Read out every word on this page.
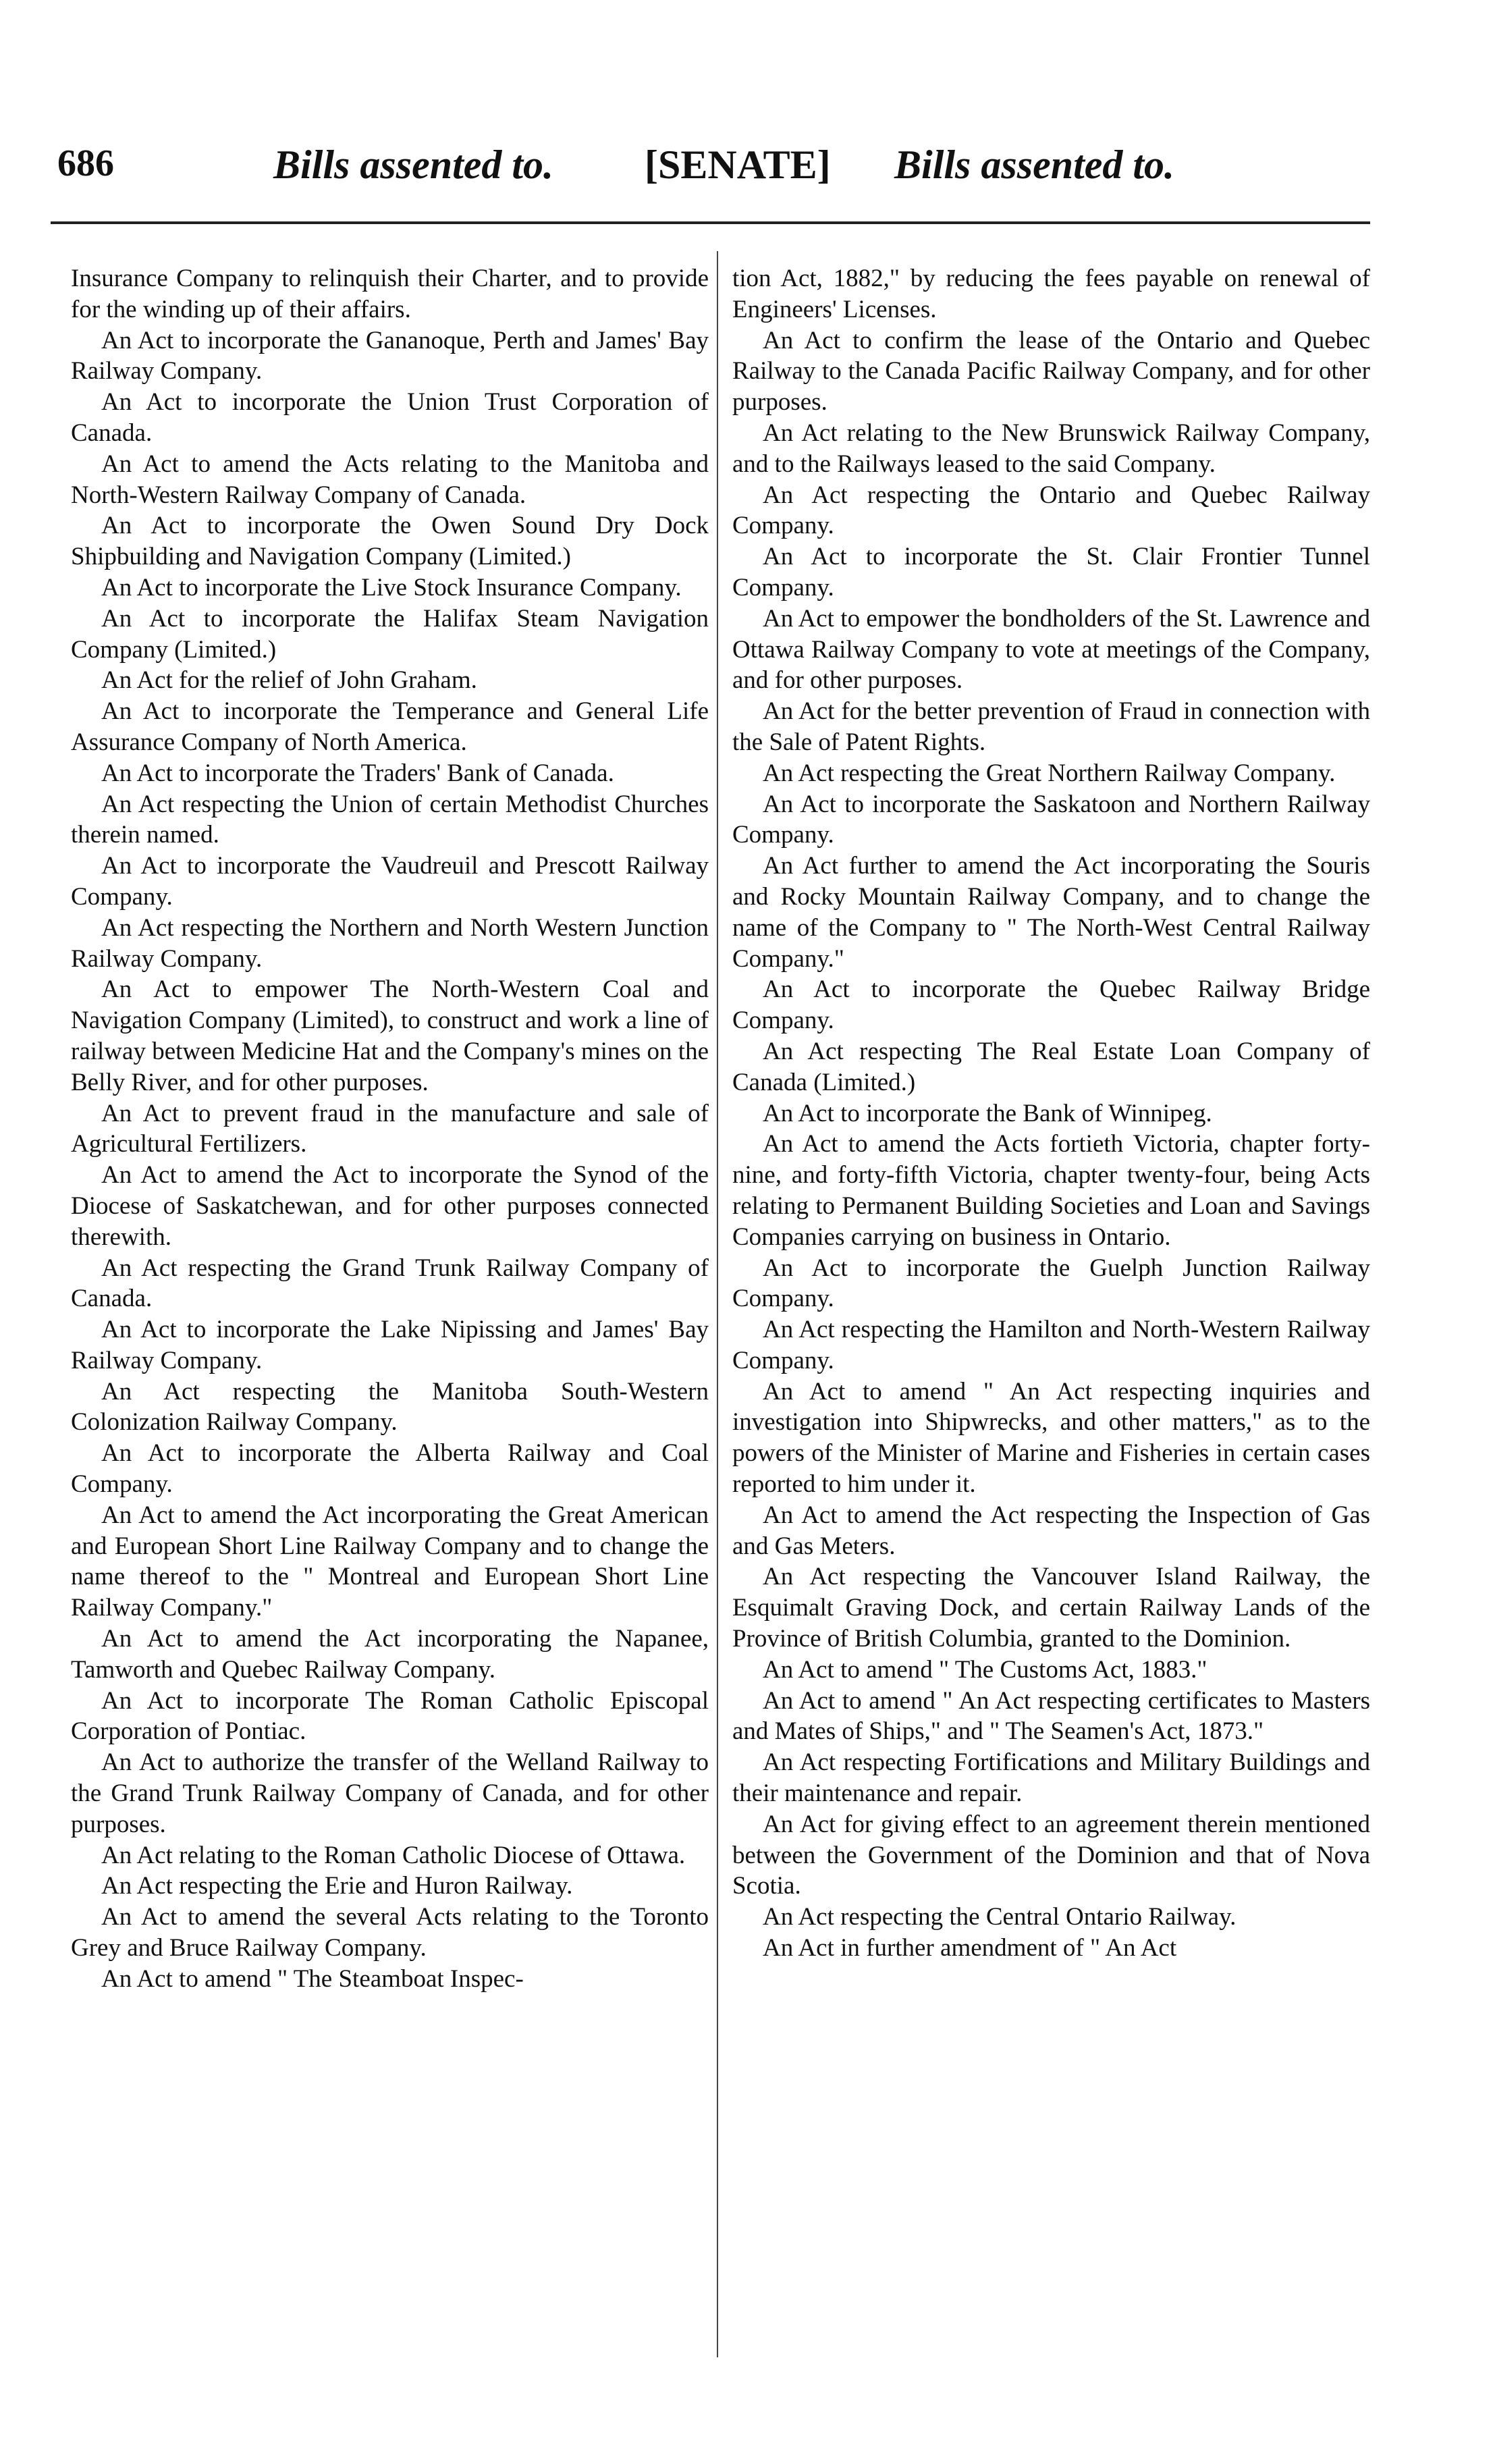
686	Bills assented to. [SENATE] Bills assented to.

Insurance Company to relinquish their Charter, and to provide for the winding up of their affairs.

An Act to incorporate the Gananoque, Perth and James' Bay Railway Company.

An Act to incorporate the Union Trust Corporation of Canada.

An Act to amend the Acts relating to the Manitoba and North-Western Railway Company of Canada.

An Act to incorporate the Owen Sound Dry Dock Shipbuilding and Navigation Company (Limited.)

An Act to incorporate the Live Stock Insurance Company.

An Act to incorporate the Halifax Steam Navigation Company (Limited.)

An Act for the relief of John Graham.

An Act to incorporate the Temperance and General Life Assurance Company of North America.

An Act to incorporate the Traders' Bank of Canada.

An Act respecting the Union of certain Methodist Churches therein named.

An Act to incorporate the Vaudreuil and Prescott Railway Company.

An Act respecting the Northern and North Western Junction Railway Company.

An Act to empower The North-Western Coal and Navigation Company (Limited), to construct and work a line of railway between Medicine Hat and the Company's mines on the Belly River, and for other purposes.

An Act to prevent fraud in the manufacture and sale of Agricultural Fertilizers.

An Act to amend the Act to incorporate the Synod of the Diocese of Saskatchewan, and for other purposes connected therewith.

An Act respecting the Grand Trunk Railway Company of Canada.

An Act to incorporate the Lake Nipissing and James' Bay Railway Company.

An Act respecting the Manitoba South-Western Colonization Railway Company.

An Act to incorporate the Alberta Railway and Coal Company.

An Act to amend the Act incorporating the Great American and European Short Line Railway Company and to change the name thereof to the " Montreal and European Short Line Railway Company."

An Act to amend the Act incorporating the Napanee, Tamworth and Quebec Railway Company.

An Act to incorporate The Roman Catholic Episcopal Corporation of Pontiac.

An Act to authorize the transfer of the Welland Railway to the Grand Trunk Railway Company of Canada, and for other purposes.

An Act relating to the Roman Catholic Diocese of Ottawa.

An Act respecting the Erie and Huron Railway.

An Act to amend the several Acts relating to the Toronto Grey and Bruce Railway Company.

An Act to amend " The Steamboat Inspec-

tion Act, 1882," by reducing the fees payable on renewal of Engineers' Licenses.

An Act to confirm the lease of the Ontario and Quebec Railway to the Canada Pacific Railway Company, and for other purposes.

An Act relating to the New Brunswick Railway Company, and to the Railways leased to the said Company.

An Act respecting the Ontario and Quebec Railway Company.

An Act to incorporate the St. Clair Frontier Tunnel Company.

An Act to empower the bondholders of the St. Lawrence and Ottawa Railway Company to vote at meetings of the Company, and for other purposes.

An Act for the better prevention of Fraud in connection with the Sale of Patent Rights.

An Act respecting the Great Northern Railway Company.

An Act to incorporate the Saskatoon and Northern Railway Company.

An Act further to amend the Act incorporating the Souris and Rocky Mountain Railway Company, and to change the name of the Company to " The North-West Central Railway Company."

An Act to incorporate the Quebec Railway Bridge Company.

An Act respecting The Real Estate Loan Company of Canada (Limited.)

An Act to incorporate the Bank of Winnipeg.

An Act to amend the Acts fortieth Victoria, chapter forty-nine, and forty-fifth Victoria, chapter twenty-four, being Acts relating to Permanent Building Societies and Loan and Savings Companies carrying on business in Ontario.

An Act to incorporate the Guelph Junction Railway Company.

An Act respecting the Hamilton and North-Western Railway Company.

An Act to amend " An Act respecting inquiries and investigation into Shipwrecks, and other matters," as to the powers of the Minister of Marine and Fisheries in certain cases reported to him under it.

An Act to amend the Act respecting the Inspection of Gas and Gas Meters.

An Act respecting the Vancouver Island Railway, the Esquimalt Graving Dock, and certain Railway Lands of the Province of British Columbia, granted to the Dominion.

An Act to amend " The Customs Act, 1883."

An Act to amend " An Act respecting certificates to Masters and Mates of Ships," and " The Seamen's Act, 1873."

An Act respecting Fortifications and Military Buildings and their maintenance and repair.

An Act for giving effect to an agreement therein mentioned between the Government of the Dominion and that of Nova Scotia.

An Act respecting the Central Ontario Railway.

An Act in further amendment of " An Act
